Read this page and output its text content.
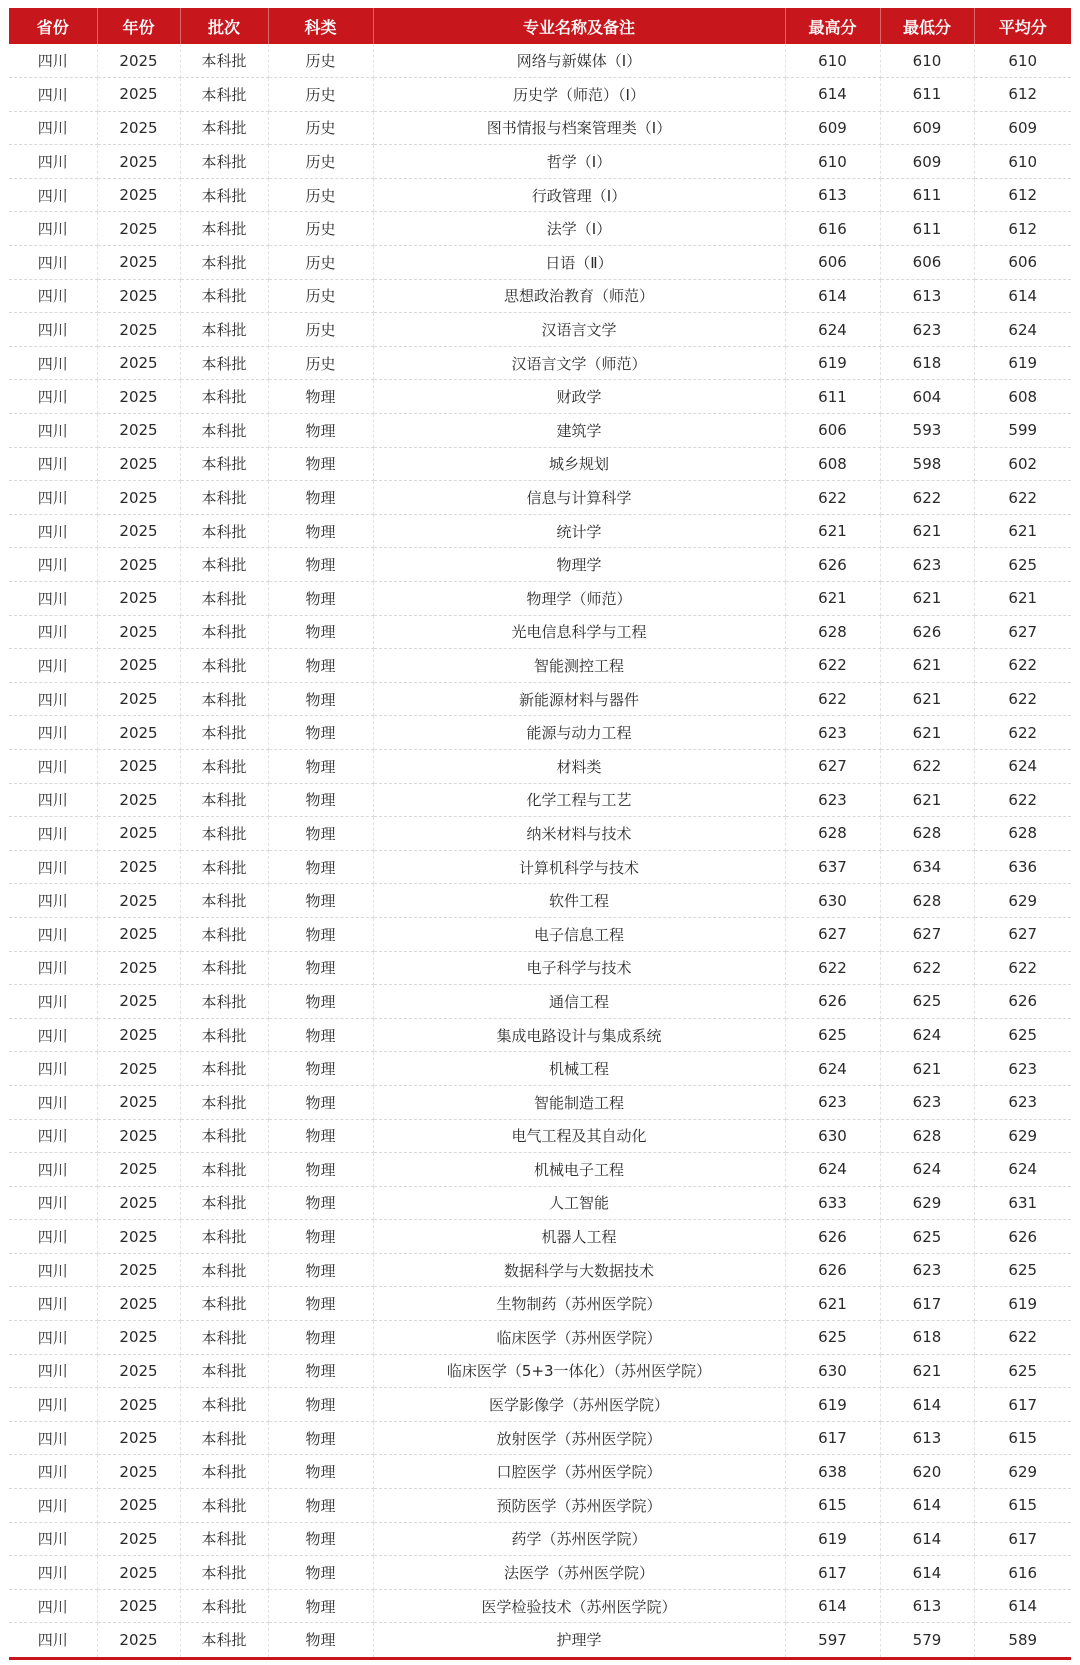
省份	年份	批次	科类	专业名称及备注	最高分	最低分	平均分
四川	2025	本科批	历史	网络与新媒体（Ⅰ）	610	610	610
四川	2025	本科批	历史	历史学（师范）（Ⅰ）	614	611	612
四川	2025	本科批	历史	图书情报与档案管理类（Ⅰ）	609	609	609
四川	2025	本科批	历史	哲学（Ⅰ）	610	609	610
四川	2025	本科批	历史	行政管理（Ⅰ）	613	611	612
四川	2025	本科批	历史	法学（Ⅰ）	616	611	612
四川	2025	本科批	历史	日语（Ⅱ）	606	606	606
四川	2025	本科批	历史	思想政治教育（师范）	614	613	614
四川	2025	本科批	历史	汉语言文学	624	623	624
四川	2025	本科批	历史	汉语言文学（师范）	619	618	619
四川	2025	本科批	物理	财政学	611	604	608
四川	2025	本科批	物理	建筑学	606	593	599
四川	2025	本科批	物理	城乡规划	608	598	602
四川	2025	本科批	物理	信息与计算科学	622	622	622
四川	2025	本科批	物理	统计学	621	621	621
四川	2025	本科批	物理	物理学	626	623	625
四川	2025	本科批	物理	物理学（师范）	621	621	621
四川	2025	本科批	物理	光电信息科学与工程	628	626	627
四川	2025	本科批	物理	智能测控工程	622	621	622
四川	2025	本科批	物理	新能源材料与器件	622	621	622
四川	2025	本科批	物理	能源与动力工程	623	621	622
四川	2025	本科批	物理	材料类	627	622	624
四川	2025	本科批	物理	化学工程与工艺	623	621	622
四川	2025	本科批	物理	纳米材料与技术	628	628	628
四川	2025	本科批	物理	计算机科学与技术	637	634	636
四川	2025	本科批	物理	软件工程	630	628	629
四川	2025	本科批	物理	电子信息工程	627	627	627
四川	2025	本科批	物理	电子科学与技术	622	622	622
四川	2025	本科批	物理	通信工程	626	625	626
四川	2025	本科批	物理	集成电路设计与集成系统	625	624	625
四川	2025	本科批	物理	机械工程	624	621	623
四川	2025	本科批	物理	智能制造工程	623	623	623
四川	2025	本科批	物理	电气工程及其自动化	630	628	629
四川	2025	本科批	物理	机械电子工程	624	624	624
四川	2025	本科批	物理	人工智能	633	629	631
四川	2025	本科批	物理	机器人工程	626	625	626
四川	2025	本科批	物理	数据科学与大数据技术	626	623	625
四川	2025	本科批	物理	生物制药（苏州医学院）	621	617	619
四川	2025	本科批	物理	临床医学（苏州医学院）	625	618	622
四川	2025	本科批	物理	临床医学（5+3一体化）（苏州医学院）	630	621	625
四川	2025	本科批	物理	医学影像学（苏州医学院）	619	614	617
四川	2025	本科批	物理	放射医学（苏州医学院）	617	613	615
四川	2025	本科批	物理	口腔医学（苏州医学院）	638	620	629
四川	2025	本科批	物理	预防医学（苏州医学院）	615	614	615
四川	2025	本科批	物理	药学（苏州医学院）	619	614	617
四川	2025	本科批	物理	法医学（苏州医学院）	617	614	616
四川	2025	本科批	物理	医学检验技术（苏州医学院）	614	613	614
四川	2025	本科批	物理	护理学	597	579	589
